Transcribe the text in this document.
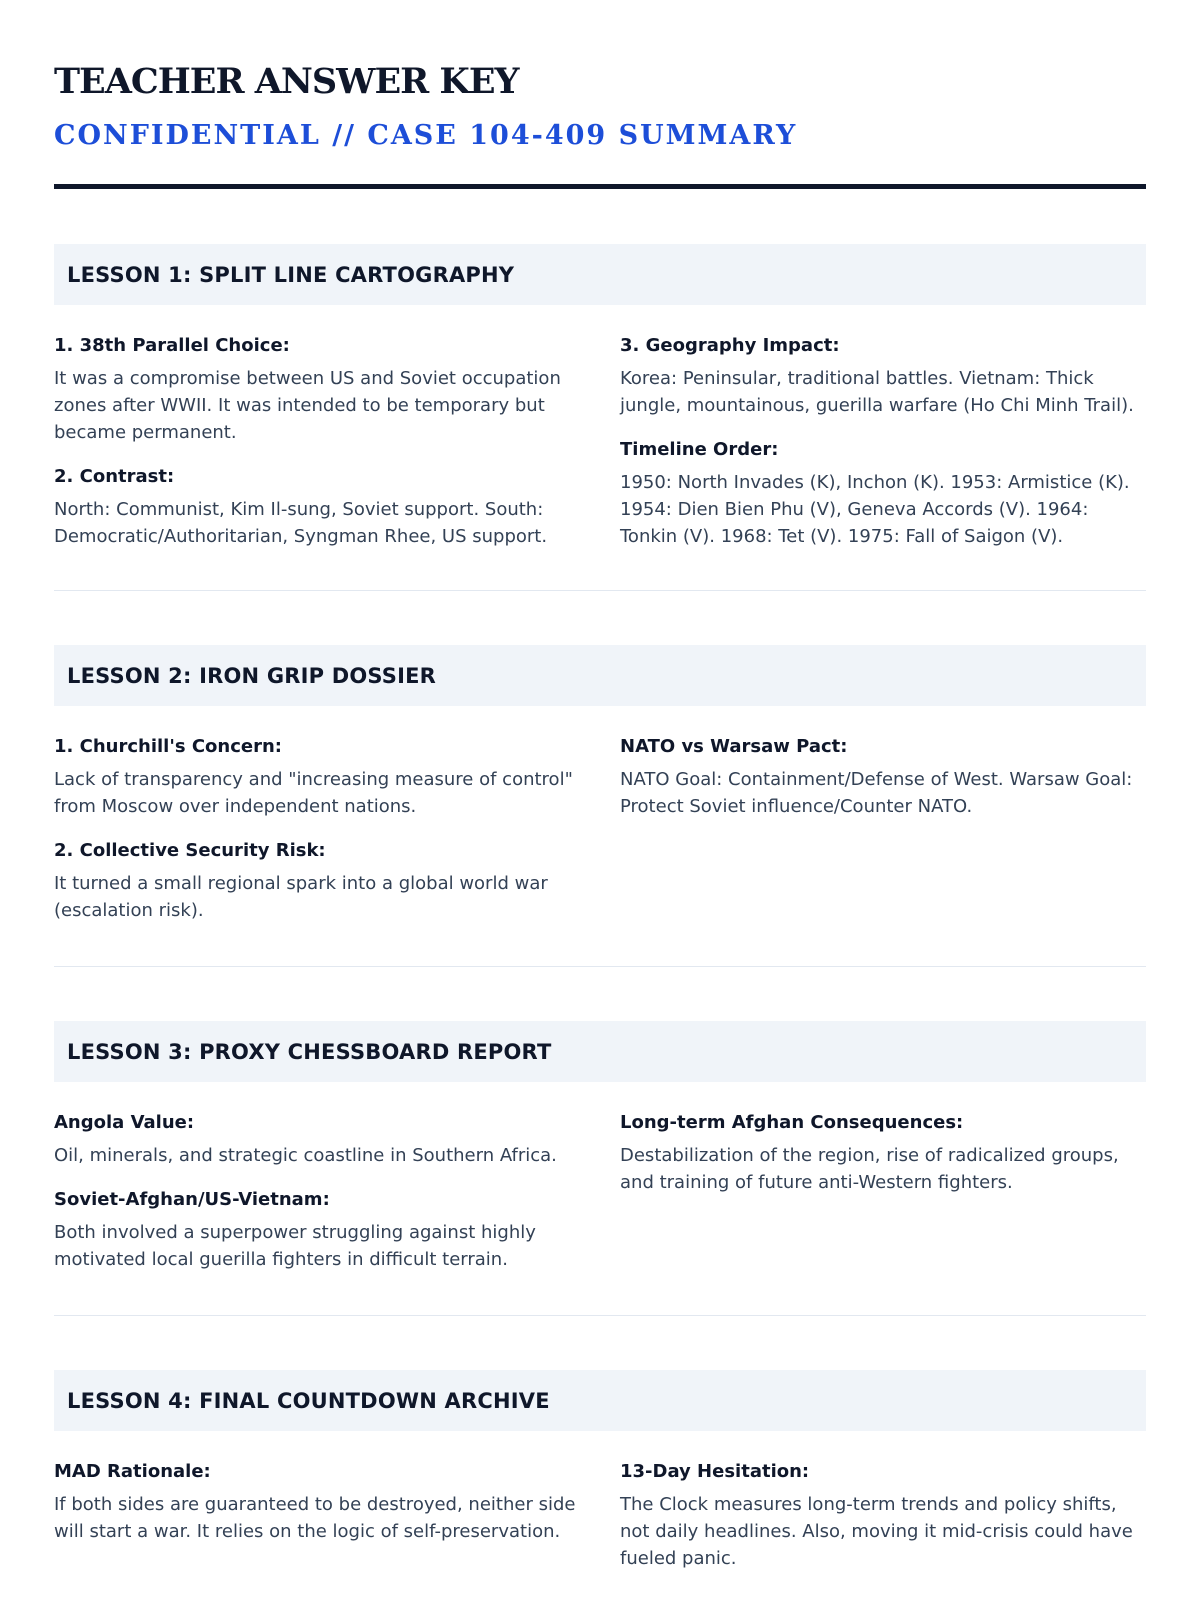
TEACHER ANSWER KEY
CONFIDENTIAL // CASE 104-409 SUMMARY
LESSON 1: SPLIT LINE CARTOGRAPHY
1. 38th Parallel Choice:
It was a compromise between US and Soviet occupation zones after WWII. It was intended to be temporary but became permanent.
2. Contrast:
North: Communist, Kim Il-sung, Soviet support. South: Democratic/Authoritarian, Syngman Rhee, US support.
3. Geography Impact:
Korea: Peninsular, traditional battles. Vietnam: Thick jungle, mountainous, guerilla warfare (Ho Chi Minh Trail).
Timeline Order:
1950: North Invades (K), Inchon (K). 1953: Armistice (K). 1954: Dien Bien Phu (V), Geneva Accords (V). 1964: Tonkin (V). 1968: Tet (V). 1975: Fall of Saigon (V).
LESSON 2: IRON GRIP DOSSIER
1. Churchill's Concern:
Lack of transparency and "increasing measure of control" from Moscow over independent nations.
2. Collective Security Risk:
It turned a small regional spark into a global world war (escalation risk).
NATO vs Warsaw Pact:
NATO Goal: Containment/Defense of West. Warsaw Goal: Protect Soviet influence/Counter NATO.
LESSON 3: PROXY CHESSBOARD REPORT
Angola Value:
Oil, minerals, and strategic coastline in Southern Africa.
Soviet-Afghan/US-Vietnam:
Both involved a superpower struggling against highly motivated local guerilla fighters in difficult terrain.
Long-term Afghan Consequences:
Destabilization of the region, rise of radicalized groups, and training of future anti-Western fighters.
LESSON 4: FINAL COUNTDOWN ARCHIVE
MAD Rationale:
If both sides are guaranteed to be destroyed, neither side will start a war. It relies on the logic of self-preservation.
13-Day Hesitation:
The Clock measures long-term trends and policy shifts, not daily headlines. Also, moving it mid-crisis could have fueled panic.
